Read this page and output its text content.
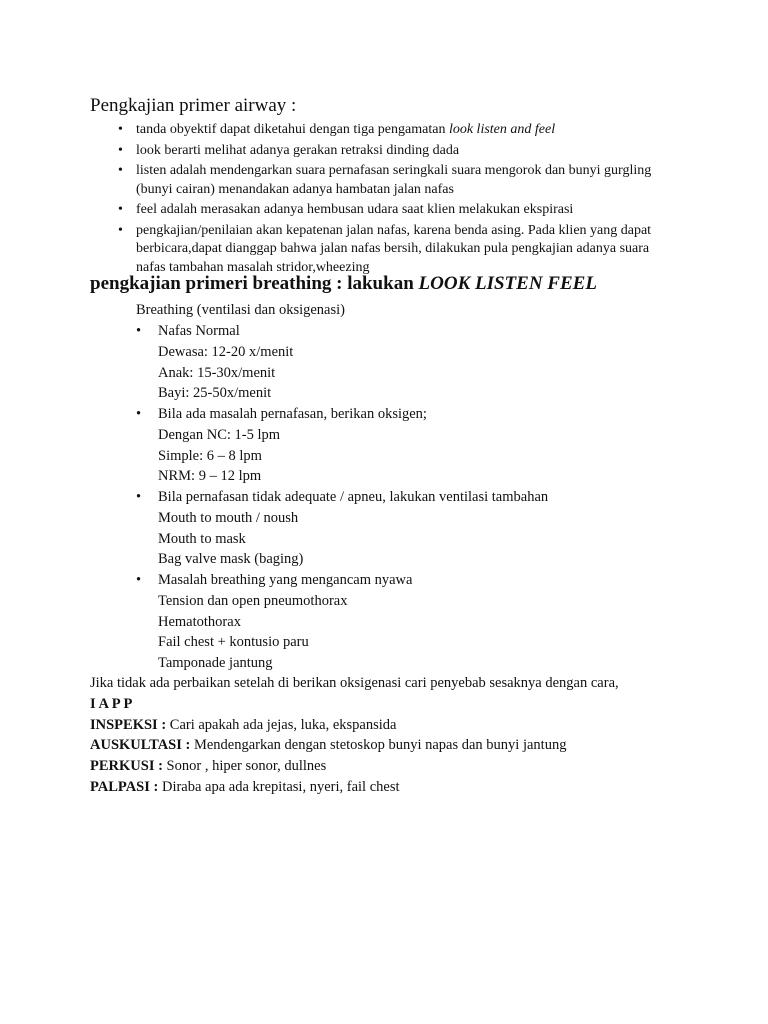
Pengkajian primer airway :
• tanda obyektif dapat diketahui dengan tiga pengamatan look listen and feel
• look berarti melihat adanya gerakan retraksi dinding dada
• listen adalah mendengarkan suara pernafasan seringkali suara mengorok dan bunyi gurgling (bunyi cairan) menandakan adanya hambatan jalan nafas
• feel adalah merasakan adanya hembusan udara saat klien melakukan ekspirasi
• pengkajian/penilaian akan kepatenan jalan nafas, karena benda asing. Pada klien yang dapat berbicara,dapat dianggap bahwa jalan nafas bersih, dilakukan pula pengkajian adanya suara nafas tambahan masalah stridor,wheezing
pengkajian primeri breathing : lakukan LOOK LISTEN FEEL
Breathing (ventilasi dan oksigenasi)
• Nafas Normal
Dewasa: 12-20 x/menit
Anak: 15-30x/menit
Bayi: 25-50x/menit
• Bila ada masalah pernafasan, berikan oksigen;
Dengan NC: 1-5 lpm
Simple: 6 – 8 lpm
NRM: 9 – 12 lpm
• Bila pernafasan tidak adequate / apneu, lakukan ventilasi tambahan
Mouth to mouth / noush
Mouth to mask
Bag valve mask (baging)
• Masalah breathing yang mengancam nyawa
Tension dan open pneumothorax
Hematothorax
Fail chest + kontusio paru
Tamponade jantung
Jika tidak ada perbaikan setelah di berikan oksigenasi cari penyebab sesaknya dengan cara,
I A P P
INSPEKSI : Cari apakah ada jejas, luka, ekspansida
AUSKULTASI : Mendengarkan dengan stetoskop bunyi napas dan bunyi jantung
PERKUSI : Sonor , hiper sonor, dullnes
PALPASI : Diraba apa ada krepitasi, nyeri, fail chest
